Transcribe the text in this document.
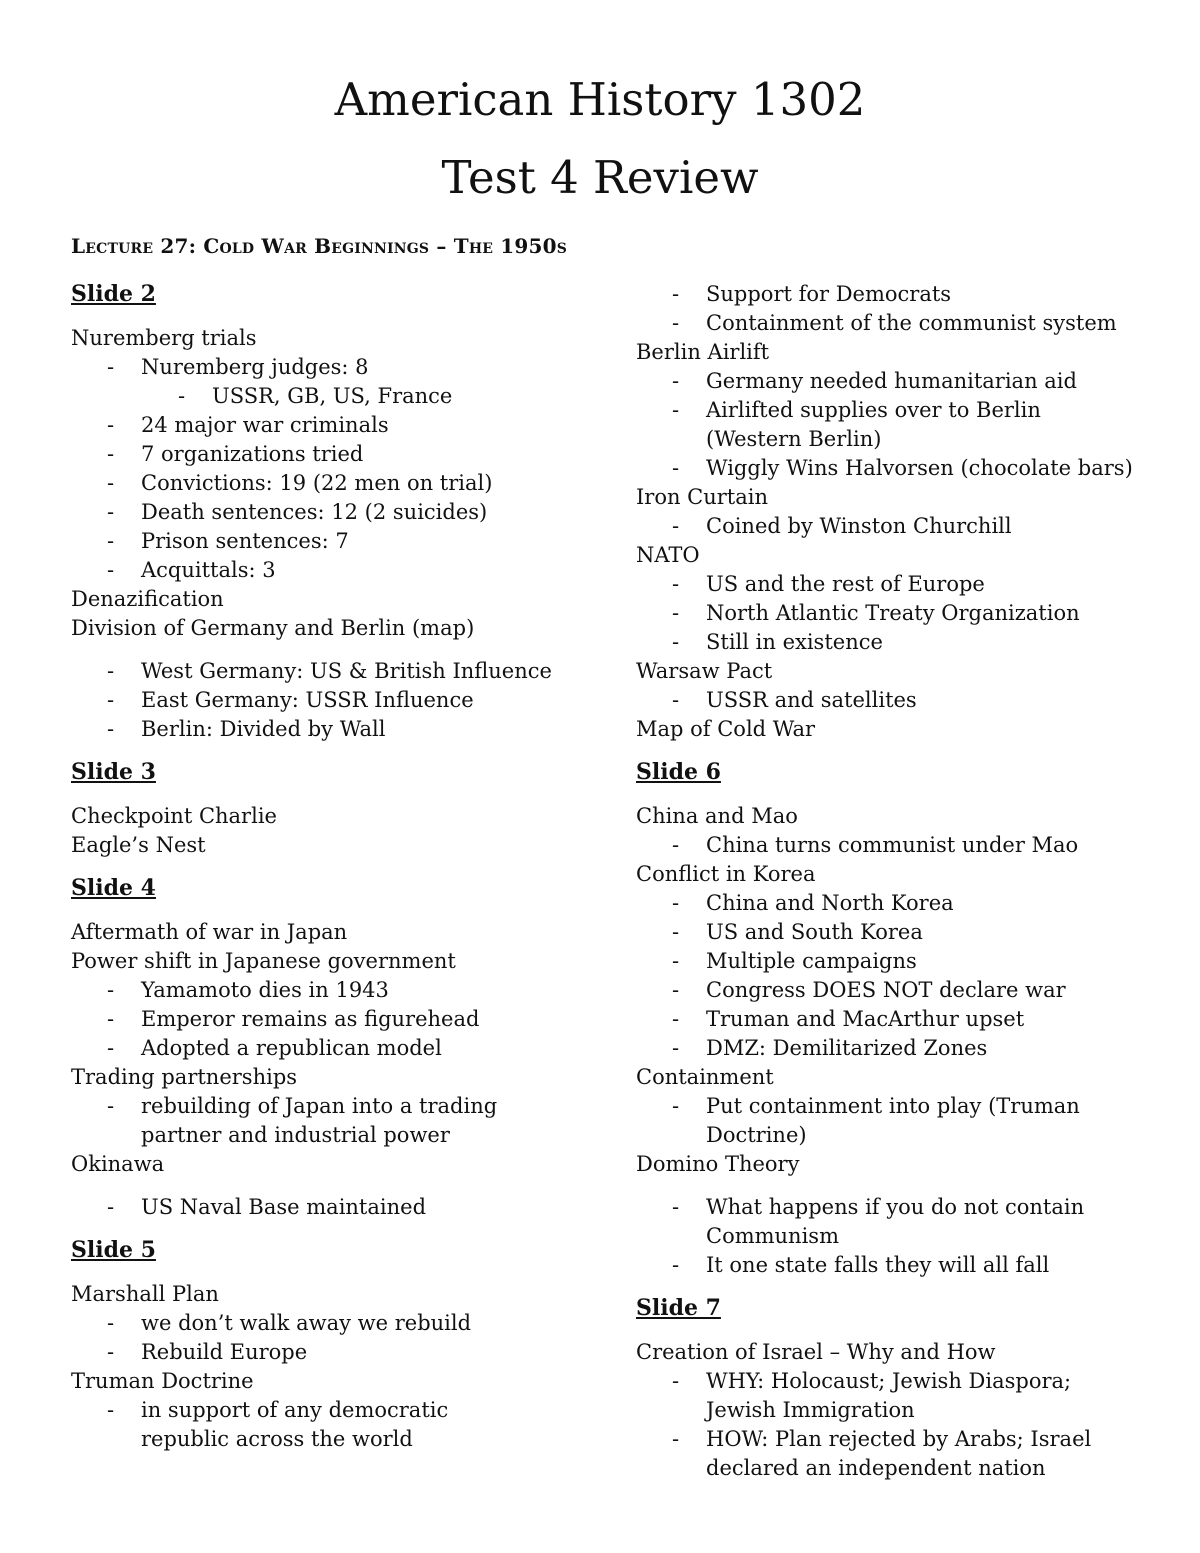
American History 1302
Test 4 Review
Lecture 27: Cold War Beginnings – The 1950s
Slide 2
Nuremberg trials
- Nuremberg judges: 8
- USSR, GB, US, France
- 24 major war criminals
- 7 organizations tried
- Convictions: 19 (22 men on trial)
- Death sentences: 12 (2 suicides)
- Prison sentences: 7
- Acquittals: 3
Denazification
Division of Germany and Berlin (map)
- West Germany: US & British Influence
- East Germany: USSR Influence
- Berlin: Divided by Wall
Slide 3
Checkpoint Charlie
Eagle’s Nest
Slide 4
Aftermath of war in Japan
Power shift in Japanese government
- Yamamoto dies in 1943
- Emperor remains as figurehead
- Adopted a republican model
Trading partnerships
- rebuilding of Japan into a trading partner and industrial power
Okinawa
- US Naval Base maintained
Slide 5
Marshall Plan
- we don’t walk away we rebuild
- Rebuild Europe
Truman Doctrine
- in support of any democratic republic across the world
- Support for Democrats
- Containment of the communist system
Berlin Airlift
- Germany needed humanitarian aid
- Airlifted supplies over to Berlin (Western Berlin)
- Wiggly Wins Halvorsen (chocolate bars)
Iron Curtain
- Coined by Winston Churchill
NATO
- US and the rest of Europe
- North Atlantic Treaty Organization
- Still in existence
Warsaw Pact
- USSR and satellites
Map of Cold War
Slide 6
China and Mao
- China turns communist under Mao
Conflict in Korea
- China and North Korea
- US and South Korea
- Multiple campaigns
- Congress DOES NOT declare war
- Truman and MacArthur upset
- DMZ: Demilitarized Zones
Containment
- Put containment into play (Truman Doctrine)
Domino Theory
- What happens if you do not contain Communism
- It one state falls they will all fall
Slide 7
Creation of Israel – Why and How
- WHY: Holocaust; Jewish Diaspora; Jewish Immigration
- HOW: Plan rejected by Arabs; Israel declared an independent nation
